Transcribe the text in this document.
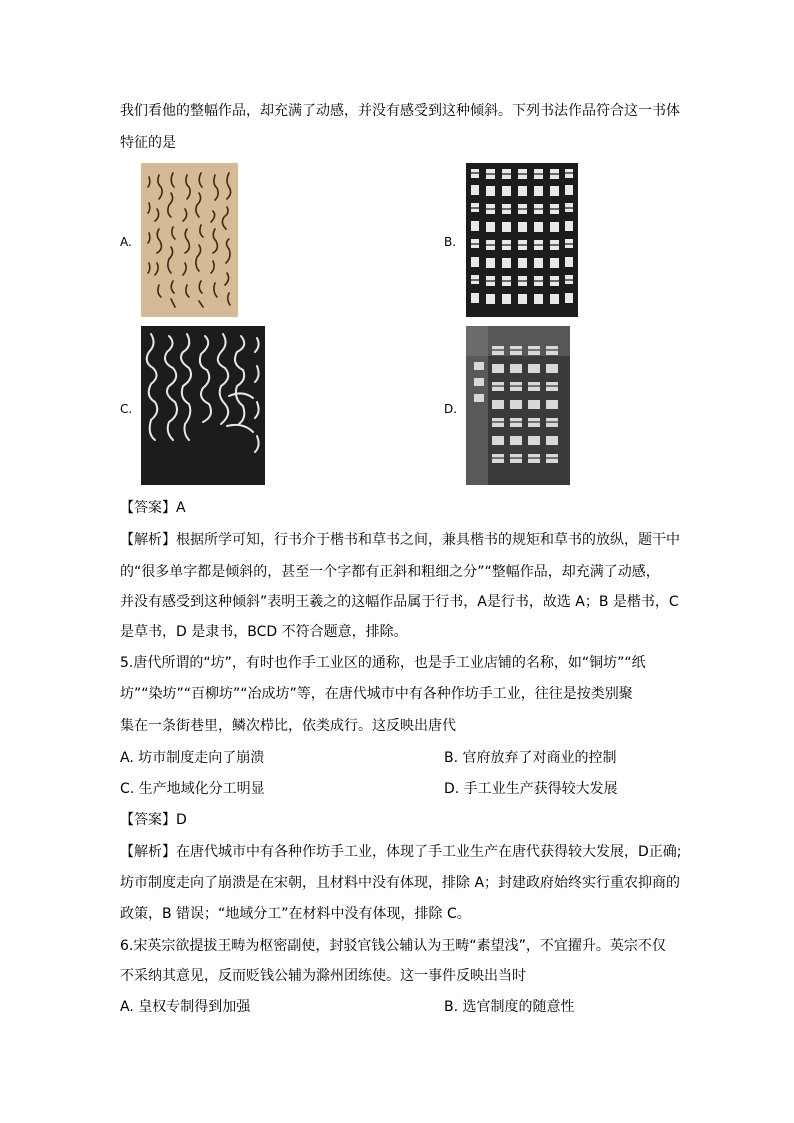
我们看他的整幅作品，却充满了动感，并没有感受到这种倾斜。下列书法作品符合这一书体
特征的是
A.	B.
C.	D.
【答案】A
【解析】根据所学可知，行书介于楷书和草书之间，兼具楷书的规矩和草书的放纵，题干中
的“很多单字都是倾斜的，甚至一个字都有正斜和粗细之分”“整幅作品，却充满了动感，
并没有感受到这种倾斜”表明王羲之的这幅作品属于行书，A是行书，故选 A；B 是楷书，C
是草书，D 是隶书，BCD 不符合题意，排除。
5.唐代所谓的“坊”，有时也作手工业区的通称，也是手工业店铺的名称，如“铜坊”“纸
坊”“染坊”“百柳坊”“冶成坊”等，在唐代城市中有各种作坊手工业，往往是按类别聚
集在一条街巷里，鳞次栉比，依类成行。这反映出唐代
A. 坊市制度走向了崩溃	B. 官府放弃了对商业的控制
C. 生产地域化分工明显	D. 手工业生产获得较大发展
【答案】D
【解析】在唐代城市中有各种作坊手工业，体现了手工业生产在唐代获得较大发展，D正确;
坊市制度走向了崩溃是在宋朝，且材料中没有体现，排除 A；封建政府始终实行重农抑商的
政策，B 错误；“地域分工”在材料中没有体现，排除 C。
6.宋英宗欲提拔王畴为枢密副使，封驳官钱公辅认为王畴“素望浅”，不宜擢升。英宗不仅
不采纳其意见，反而贬钱公辅为滁州团练使。这一事件反映出当时
A. 皇权专制得到加强	B. 选官制度的随意性
